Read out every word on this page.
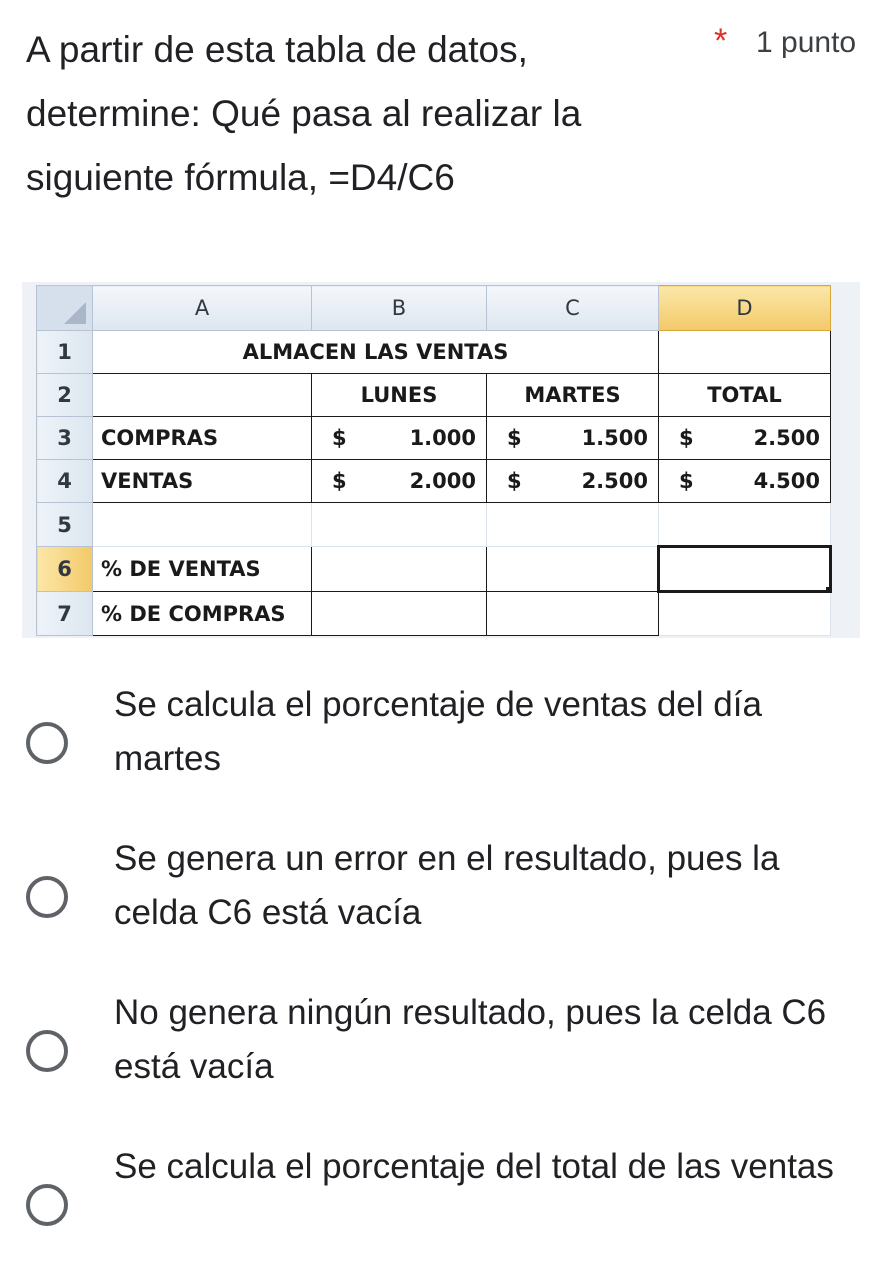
A partir de esta tabla de datos, determine: Qué pasa al realizar la siguiente fórmula, =D4/C6
* 1 punto
	A	B	C	D
1	ALMACEN LAS VENTAS			
2		LUNES	MARTES	TOTAL
3	COMPRAS	$ 1.000	$ 1.500	$ 2.500

4	VENTAS	$ 2.000	$ 2.500	$ 4.500

5				
6	% DE VENTAS			

7	% DE COMPRAS			
Se calcula el porcentaje de ventas del día martes
Se genera un error en el resultado, pues la celda C6 está vacía
No genera ningún resultado, pues la celda C6 está vacía
Se calcula el porcentaje del total de las ventas
